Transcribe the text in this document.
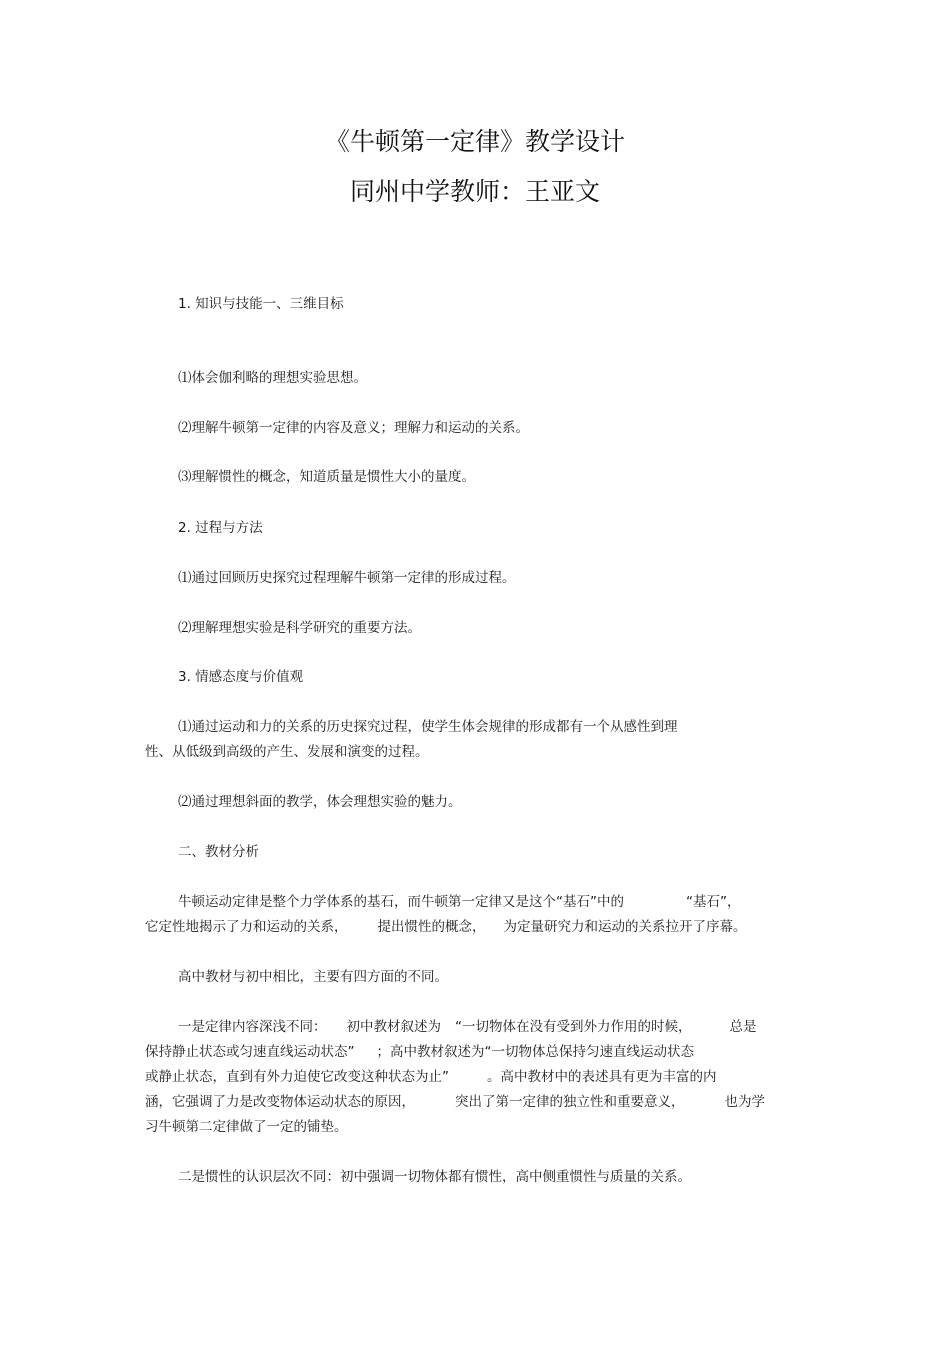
《牛顿第一定律》教学设计
同州中学教师：王亚文

1. 知识与技能一、三维目标

⑴体会伽利略的理想实验思想。

⑵理解牛顿第一定律的内容及意义；理解力和运动的关系。

⑶理解惯性的概念，知道质量是惯性大小的量度。

2. 过程与方法

⑴通过回顾历史探究过程理解牛顿第一定律的形成过程。

⑵理解理想实验是科学研究的重要方法。

3. 情感态度与价值观

⑴通过运动和力的关系的历史探究过程，使学生体会规律的形成都有一个从感性到理

性、从低级到高级的产生、发展和演变的过程。

⑵通过理想斜面的教学，体会理想实验的魅力。

二、教材分析

牛顿运动定律是整个力学体系的基石，而牛顿第一定律又是这个“基石”中的	“基石”，

它定性地揭示了力和运动的关系， 提出惯性的概念， 为定量研究力和运动的关系拉开了序幕。

高中教材与初中相比，主要有四方面的不同。

一是定律内容深浅不同： 初中教材叙述为 “一切物体在没有受到外力作用的时候，	总是

保持静止状态或匀速直线运动状态” ；高中教材叙述为“一切物体总保持匀速直线运动状态

或静止状态，直到有外力迫使它改变这种状态为止”	。高中教材中的表述具有更为丰富的内

涵，它强调了力是改变物体运动状态的原因，	突出了第一定律的独立性和重要意义，	也为学

习牛顿第二定律做了一定的铺垫。

二是惯性的认识层次不同：初中强调一切物体都有惯性，高中侧重惯性与质量的关系。
